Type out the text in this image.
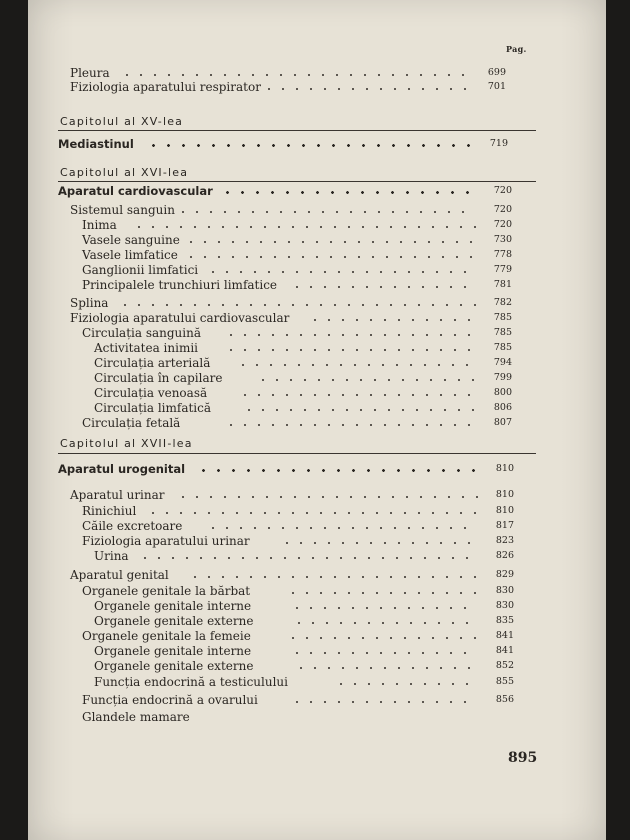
Pag.
Pleura	699
Fiziologia aparatului respirator	701
Capitolul al XV-lea
Mediastinul	719
Capitolul al XVI-lea
Aparatul cardiovascular	720
Sistemul sanguin	720
Inima	720
Vasele sanguine	730
Vasele limfatice	778
Ganglionii limfatici	779
Principalele trunchiuri limfatice	781
Splina	782
Fiziologia aparatului cardiovascular	785
Circulația sanguină	785
Activitatea inimii	785
Circulația arterială	794
Circulația în capilare	799
Circulația venoasă	800
Circulația limfatică	806
Circulația fetală	807
Capitolul al XVII-lea
Aparatul urogenital	810
Aparatul urinar	810
Rinichiul	810
Căile excretoare	817
Fiziologia aparatului urinar	823
Urina	826
Aparatul genital	829
Organele genitale la bărbat	830
Organele genitale interne	830
Organele genitale externe	835
Organele genitale la femeie	841
Organele genitale interne	841
Organele genitale externe	852
Funcția endocrină a testiculului	855
Funcția endocrină a ovarului	856
Glandele mamare
895
